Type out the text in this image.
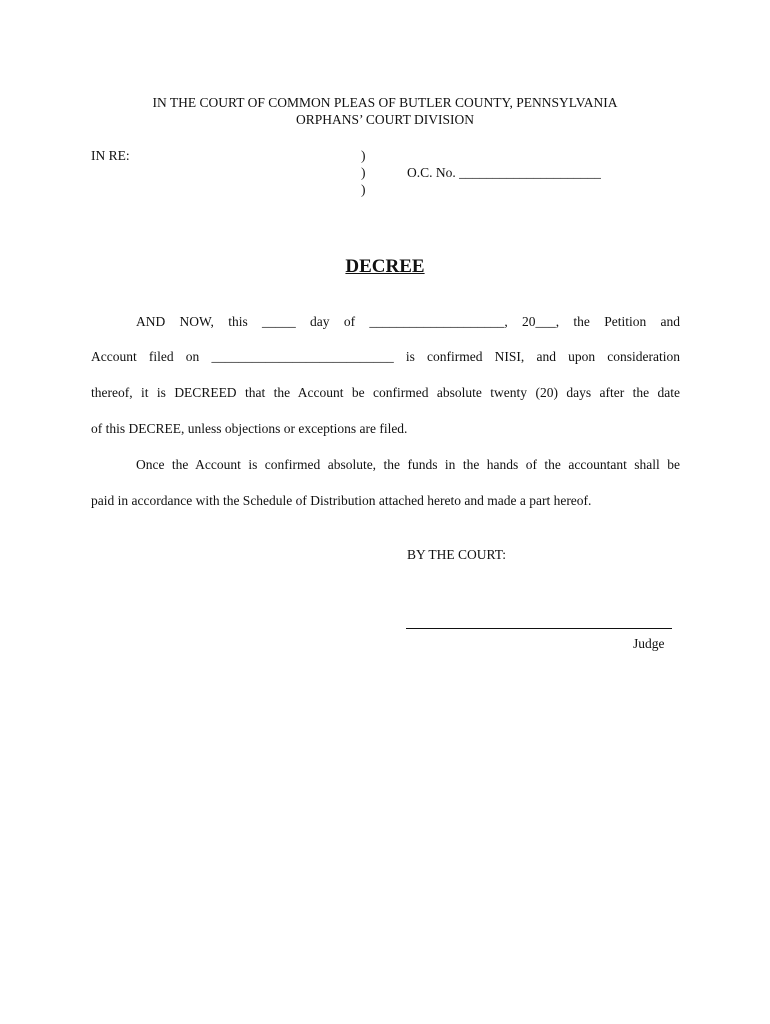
IN THE COURT OF COMMON PLEAS OF BUTLER COUNTY, PENNSYLVANIA
ORPHANS’ COURT DIVISION
IN RE:	)
)
)
O.C. No. _____________________
DECREE
AND NOW, this _____ day of ____________________, 20___, the Petition and
Account filed on ___________________________ is confirmed NISI, and upon consideration
thereof, it is DECREED that the Account be confirmed absolute twenty (20) days after the date
of this DECREE, unless objections or exceptions are filed.
Once the Account is confirmed absolute, the funds in the hands of the accountant shall be
paid in accordance with the Schedule of Distribution attached hereto and made a part hereof.
BY THE COURT:
Judge
